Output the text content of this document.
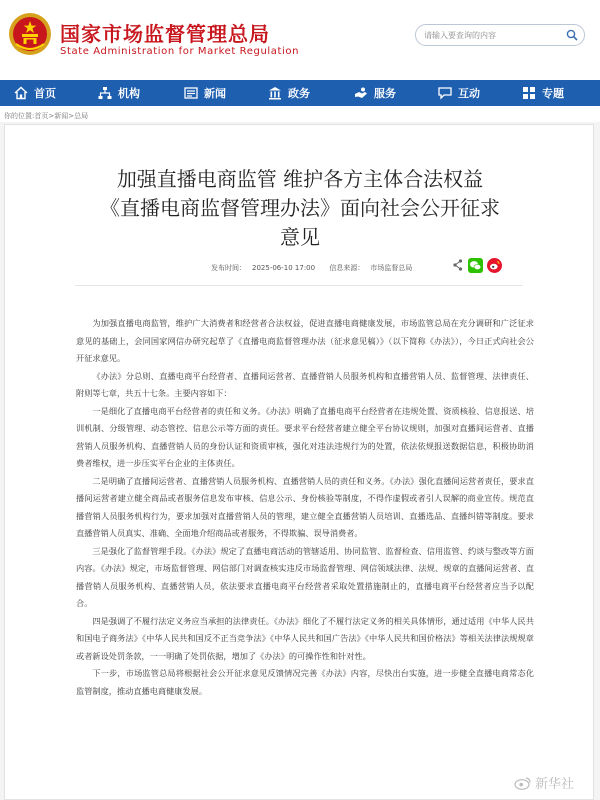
国家市场监督管理总局
State Administration for Market Regulation
请输入要查询的内容
首页	机构	新闻	政务	服务	互动	专题
你的位置:首页>新闻>总局
加强直播电商监管 维护各方主体合法权益
《直播电商监督管理办法》面向社会公开征求
意见
发布时间： 2025-06-10 17:00 信息来源： 市场监督总局

为加强直播电商监管，维护广大消费者和经营者合法权益，促进直播电商健康发展，市场监管总局在充分调研和广泛征求意见的基础上，会同国家网信办研究起草了《直播电商监督管理办法（征求意见稿）》（以下简称《办法》），今日正式向社会公开征求意见。

《办法》分总则、直播电商平台经营者、直播间运营者、直播营销人员服务机构和直播营销人员、监督管理、法律责任、附则等七章，共五十七条。主要内容如下：

一是细化了直播电商平台经营者的责任和义务。《办法》明确了直播电商平台经营者在违规处置、资质核验、信息报送、培训机制、分级管理、动态管控、信息公示等方面的责任。要求平台经营者建立健全平台协议规则，加强对直播间运营者、直播营销人员服务机构、直播营销人员的身份认证和资质审核，强化对违法违规行为的处置，依法依规报送数据信息，积极协助消费者维权，进一步压实平台企业的主体责任。

二是明确了直播间运营者、直播营销人员服务机构、直播营销人员的责任和义务。《办法》强化直播间运营者责任，要求直播间运营者建立健全商品或者服务信息发布审核、信息公示、身份核验等制度，不得作虚假或者引人误解的商业宣传。规范直播营销人员服务机构行为，要求加强对直播营销人员的管理，建立健全直播营销人员培训、直播选品、直播纠错等制度。要求直播营销人员真实、准确、全面地介绍商品或者服务，不得欺骗、误导消费者。

三是强化了监督管理手段。《办法》规定了直播电商活动的管辖适用、协同监管、监督检查、信用监管、约谈与整改等方面内容。《办法》规定，市场监督管理、网信部门对调查核实违反市场监督管理、网信领域法律、法规、规章的直播间运营者、直播营销人员服务机构、直播营销人员，依法要求直播电商平台经营者采取处置措施制止的，直播电商平台经营者应当予以配合。

四是强调了不履行法定义务应当承担的法律责任。《办法》细化了不履行法定义务的相关具体情形，通过适用《中华人民共和国电子商务法》《中华人民共和国反不正当竞争法》《中华人民共和国广告法》《中华人民共和国价格法》等相关法律法规规章或者新设处罚条款，一一明确了处罚依据，增加了《办法》的可操作性和针对性。

下一步，市场监管总局将根据社会公开征求意见反馈情况完善《办法》内容，尽快出台实施，进一步健全直播电商常态化监管制度，推动直播电商健康发展。

新华社
